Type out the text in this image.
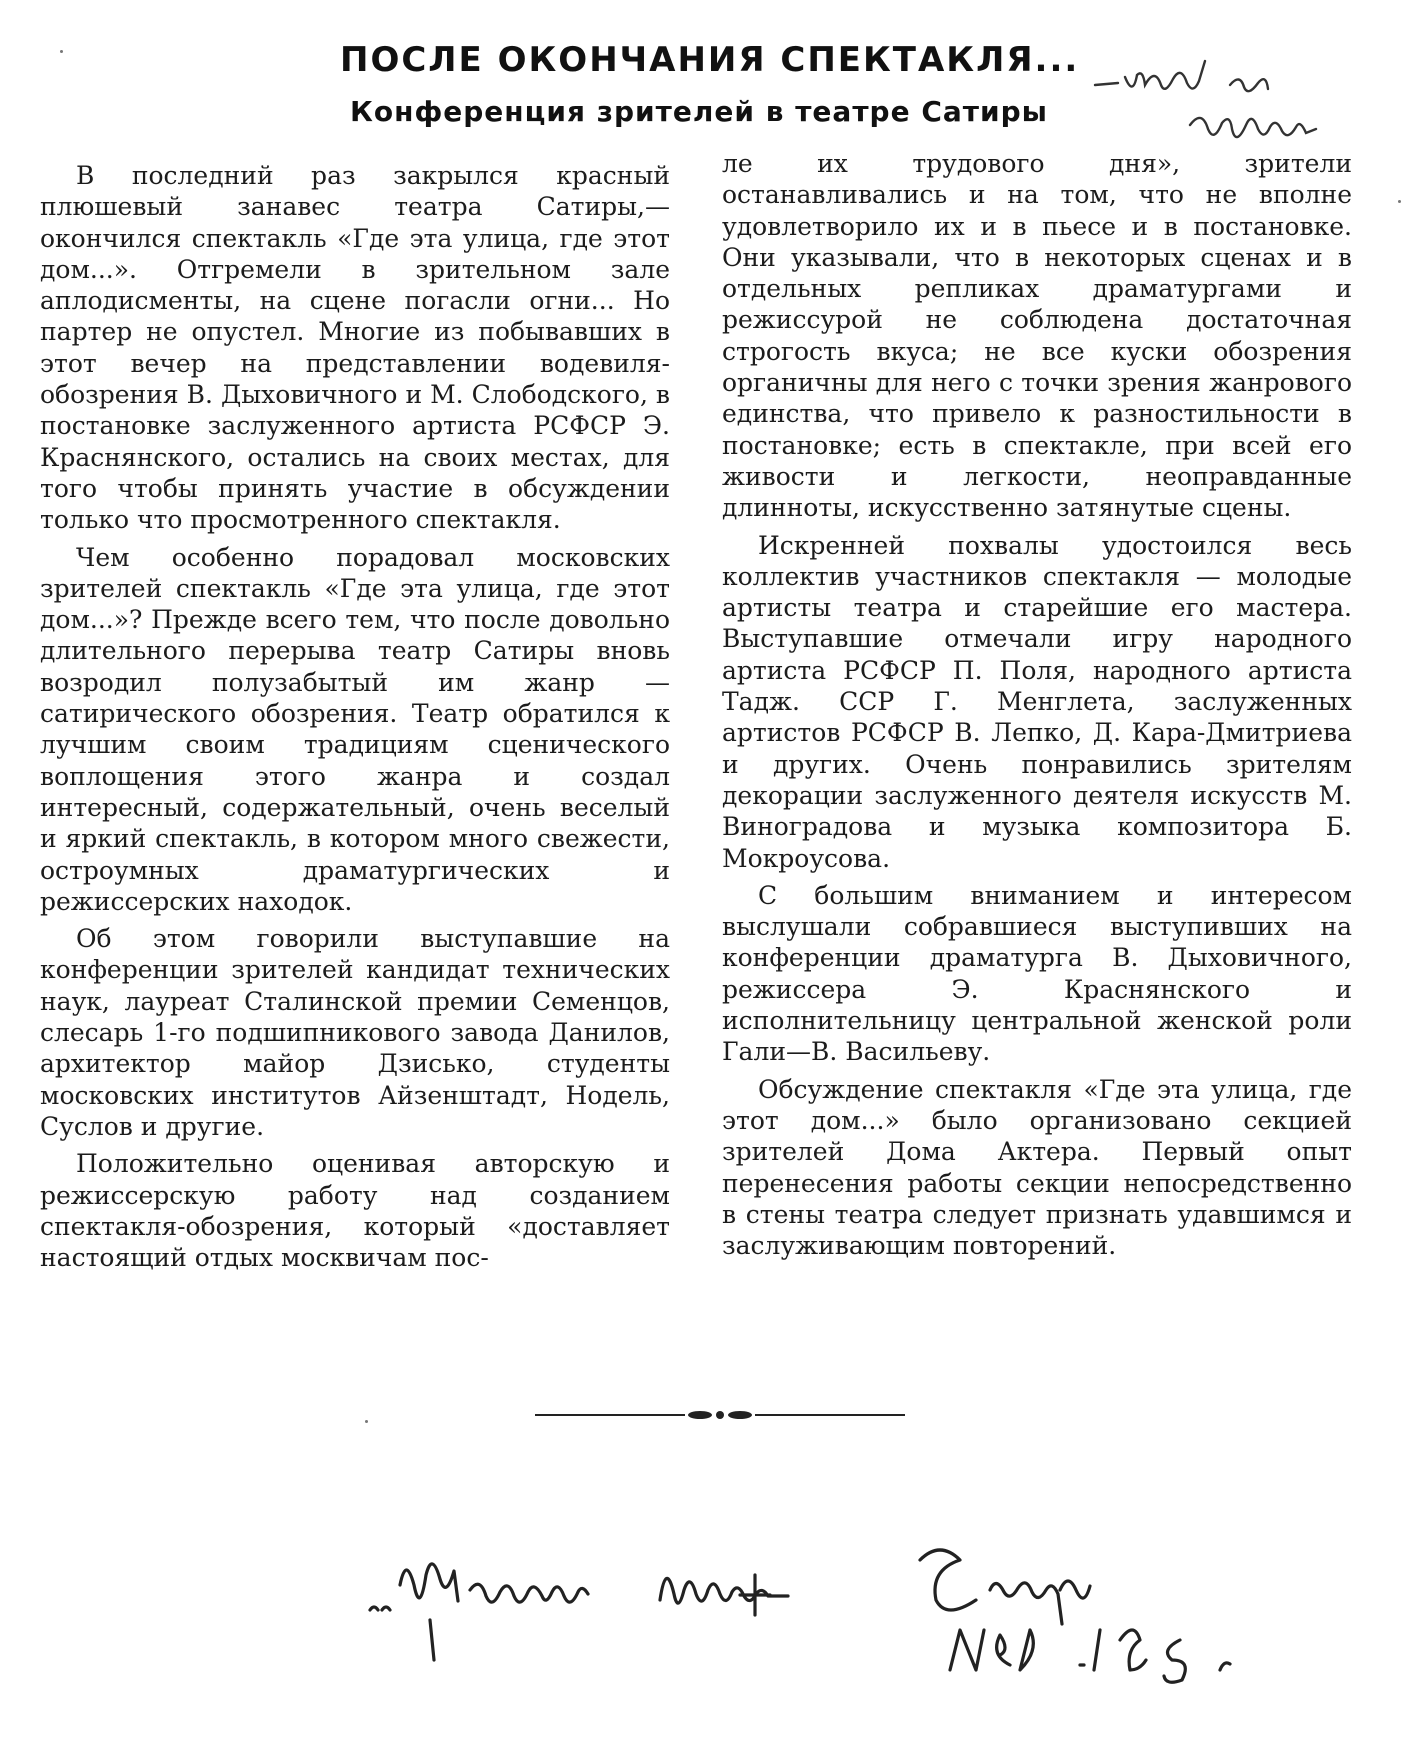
ПОСЛЕ ОКОНЧАНИЯ СПЕКТАКЛЯ...
Конференция зрителей в театре Сатиры

В последний раз закрылся красный плюшевый занавес театра Сатиры,— окончился спектакль «Где эта улица, где этот дом...». Отгремели в зрительном зале аплодисменты, на сцене погасли огни... Но партер не опустел. Многие из побывавших в этот вечер на представлении водевиля-обозрения В. Дыховичного и М. Слободского, в постановке заслуженного артиста РСФСР Э. Краснянского, остались на своих местах, для того чтобы принять участие в обсуждении только что просмотренного спектакля.

Чем особенно порадовал московских зрителей спектакль «Где эта улица, где этот дом...»? Прежде всего тем, что после довольно длительного перерыва театр Сатиры вновь возродил полузабытый им жанр — сатирического обозрения. Театр обратился к лучшим своим традициям сценического воплощения этого жанра и создал интересный, содержательный, очень веселый и яркий спектакль, в котором много свежести, остроумных драматургических и режиссерских находок.

Об этом говорили выступавшие на конференции зрителей кандидат технических наук, лауреат Сталинской премии Семенцов, слесарь 1-го подшипникового завода Данилов, архитектор майор Дзисько, студенты московских институтов Айзенштадт, Нодель, Суслов и другие.

Положительно оценивая авторскую и режиссерскую работу над созданием спектакля-обозрения, который «доставляет настоящий отдых москвичам пос-

ле их трудового дня», зрители останавливались и на том, что не вполне удовлетворило их и в пьесе и в постановке. Они указывали, что в некоторых сценах и в отдельных репликах драматургами и режиссурой не соблюдена достаточная строгость вкуса; не все куски обозрения органичны для него с точки зрения жанрового единства, что привело к разностильности в постановке; есть в спектакле, при всей его живости и легкости, неоправданные длинноты, искусственно затянутые сцены.

Искренней похвалы удостоился весь коллектив участников спектакля — молодые артисты театра и старейшие его мастера. Выступавшие отмечали игру народного артиста РСФСР П. Поля, народного артиста Тадж. ССР Г. Менглета, заслуженных артистов РСФСР В. Лепко, Д. Кара-Дмитриева и других. Очень понравились зрителям декорации заслуженного деятеля искусств М. Виноградова и музыка композитора Б. Мокроусова.

С большим вниманием и интересом выслушали собравшиеся выступивших на конференции драматурга В. Дыховичного, режиссера Э. Краснянского и исполнительницу центральной женской роли Гали—В. Васильеву.

Обсуждение спектакля «Где эта улица, где этот дом...» было организовано секцией зрителей Дома Актера. Первый опыт перенесения работы секции непосредственно в стены театра следует признать удавшимся и заслуживающим повторений.
